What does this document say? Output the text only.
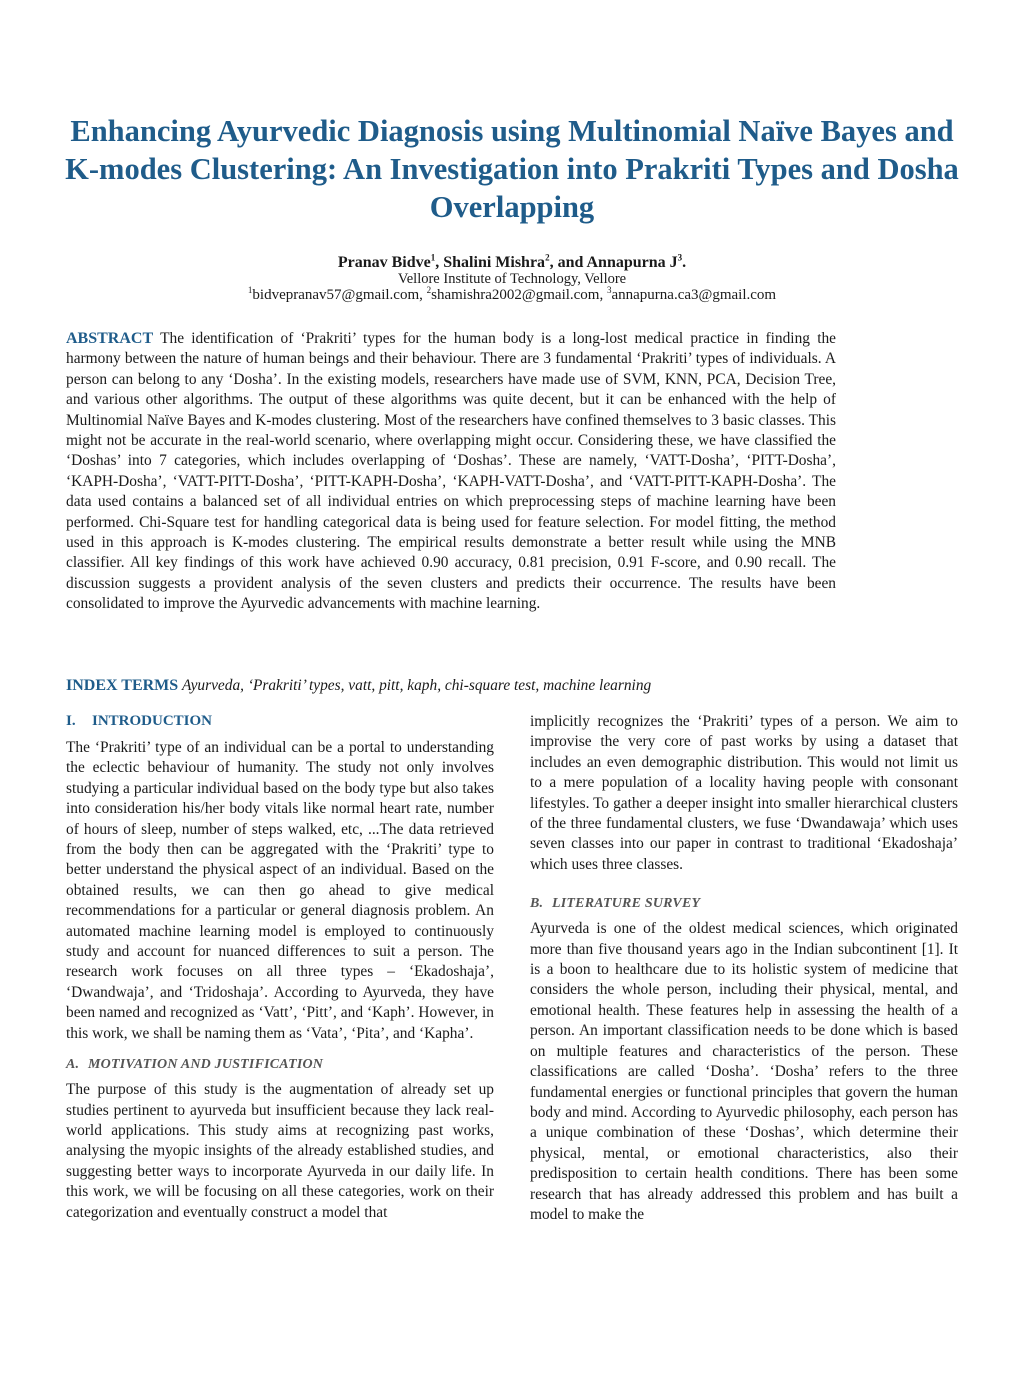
Enhancing Ayurvedic Diagnosis using Multinomial Naïve Bayes and K-modes Clustering: An Investigation into Prakriti Types and Dosha Overlapping
Pranav Bidve$^1$, Shalini Mishra$^2$, and Annapurna $J^3$.
Vellore Institute of Technology, Vellore
$^1$bidvepranav57@gmail.com, $^2$shamishra2002@gmail.com, $^3$annapurna.ca3@gmail.com

ABSTRACT The identification of ‘Prakriti’ types for the human body is a long-lost medical practice in finding the harmony between the nature of human beings and their behaviour. There are 3 fundamental ‘Prakriti’ types of individuals. A person can belong to any ‘Dosha’. In the existing models, researchers have made use of SVM, KNN, PCA, Decision Tree, and various other algorithms. The output of these algorithms was quite decent, but it can be enhanced with the help of Multinomial Naïve Bayes and K-modes clustering. Most of the researchers have confined themselves to 3 basic classes. This might not be accurate in the real-world scenario, where overlapping might occur. Considering these, we have classified the ‘Doshas’ into 7 categories, which includes overlapping of ‘Doshas’. These are namely, ‘VATT-Dosha’, ‘PITT-Dosha’, ‘KAPH-Dosha’, ‘VATT-PITT-Dosha’, ‘PITT-KAPH-Dosha’, ‘KAPH-VATT-Dosha’, and ‘VATT-PITT-KAPH-Dosha’. The data used contains a balanced set of all individual entries on which preprocessing steps of machine learning have been performed. Chi-Square test for handling categorical data is being used for feature selection. For model fitting, the method used in this approach is K-modes clustering. The empirical results demonstrate a better result while using the MNB classifier. All key findings of this work have achieved 0.90 accuracy, 0.81 precision, 0.91 F-score, and 0.90 recall. The discussion suggests a provident analysis of the seven clusters and predicts their occurrence. The results have been consolidated to improve the Ayurvedic advancements with machine learning.

INDEX TERMS Ayurveda, ‘Prakriti’ types, vatt, pitt, kaph, chi-square test, machine learning

I. INTRODUCTION

The ‘Prakriti’ type of an individual can be a portal to understanding the eclectic behaviour of humanity. The study not only involves studying a particular individual based on the body type but also takes into consideration his/her body vitals like normal heart rate, number of hours of sleep, number of steps walked, etc, ...The data retrieved from the body then can be aggregated with the ‘Prakriti’ type to better understand the physical aspect of an individual. Based on the obtained results, we can then go ahead to give medical recommendations for a particular or general diagnosis problem. An automated machine learning model is employed to continuously study and account for nuanced differences to suit a person. The research work focuses on all three types – ‘Ekadoshaja’, ‘Dwandwaja’, and ‘Tridoshaja’. According to Ayurveda, they have been named and recognized as ‘Vatt’, ‘Pitt’, and ‘Kaph’. However, in this work, we shall be naming them as ‘Vata’, ‘Pita’, and ‘Kapha’.

A. MOTIVATION AND JUSTIFICATION

The purpose of this study is the augmentation of already set up studies pertinent to ayurveda but insufficient because they lack real-world applications. This study aims at recognizing past works, analysing the myopic insights of the already established studies, and suggesting better ways to incorporate Ayurveda in our daily life. In this work, we will be focusing on all these categories, work on their categorization and eventually construct a model that

implicitly recognizes the ‘Prakriti’ types of a person. We aim to improvise the very core of past works by using a dataset that includes an even demographic distribution. This would not limit us to a mere population of a locality having people with consonant lifestyles. To gather a deeper insight into smaller hierarchical clusters of the three fundamental clusters, we fuse ‘Dwandawaja’ which uses seven classes into our paper in contrast to traditional ‘Ekadoshaja’ which uses three classes.

B. LITERATURE SURVEY

Ayurveda is one of the oldest medical sciences, which originated more than five thousand years ago in the Indian subcontinent [1]. It is a boon to healthcare due to its holistic system of medicine that considers the whole person, including their physical, mental, and emotional health. These features help in assessing the health of a person. An important classification needs to be done which is based on multiple features and characteristics of the person. These classifications are called ‘Dosha’. ‘Dosha’ refers to the three fundamental energies or functional principles that govern the human body and mind. According to Ayurvedic philosophy, each person has a unique combination of these ‘Doshas’, which determine their physical, mental, or emotional characteristics, also their predisposition to certain health conditions. There has been some research that has already addressed this problem and has built a model to make the
